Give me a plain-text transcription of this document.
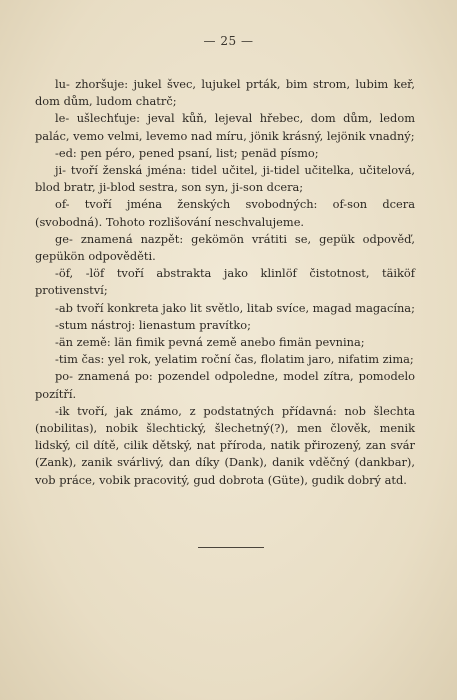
— 25 —

lu- zhoršuje: jukel švec, lujukel prták, bim strom, lubim keř, dom dům, ludom chatrč;

le- ušlechťuje: jeval kůň, lejeval hřebec, dom dům, ledom palác, vemo velmi, levemo nad míru, jönik krásný, lejönik vnadný;

-ed: pen péro, pened psaní, list; penäd písmo;

ji- tvoří ženská jména: tidel učitel, ji-tidel učitelka, učitelová, blod bratr, ji-blod sestra, son syn, ji-son dcera;

of- tvoří jména ženských svobodných: of-son dcera (svobodná). Tohoto rozlišování neschvalujeme.

ge- znamená nazpět: gekömön vrátiti se, gepük odpověď, gepükön odpověděti.

-öf, -löf tvoří abstrakta jako klinlöf čistotnost, täiköf protivenství;

-ab tvoří konkreta jako lit světlo, litab svíce, magad magacína;

-stum nástroj: lienastum pravítko;

-än země: län fimik pevná země anebo fimän pevnina;

-tim čas: yel rok, yelatim roční čas, flolatim jaro, nifatim zima;

po- znamená po: pozendel odpoledne, model zítra, pomodelo pozítří.

-ik tvoří, jak známo, z podstatných přídavná: nob šlechta (nobilitas), nobik šlechtický, šlechetný(?), men člověk, menik lidský, cil dítě, cilik dětský, nat příroda, natik přirozený, zan svár (Zank), zanik svárlivý, dan díky (Dank), danik vděčný (dankbar), vob práce, vobik pracovitý, gud dobrota (Güte), gudik dobrý atd.
